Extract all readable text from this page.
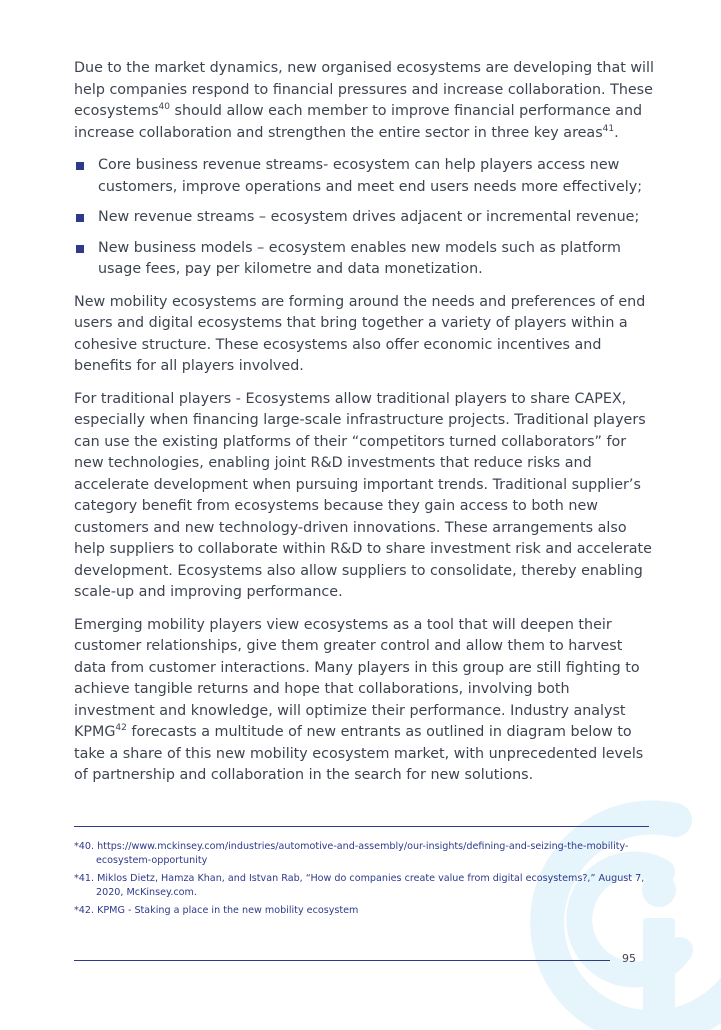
Due to the market dynamics, new organised ecosystems are developing that will help companies respond to financial pressures and increase collaboration. These ecosystems$^{40}$ should allow each member to improve financial performance and increase collaboration and strengthen the entire sector in three key areas$^{41}$.

Core business revenue streams- ecosystem can help players access new customers, improve operations and meet end users needs more effectively;
New revenue streams – ecosystem drives adjacent or incremental revenue;
New business models – ecosystem enables new models such as platform usage fees, pay per kilometre and data monetization.

New mobility ecosystems are forming around the needs and preferences of end users and digital ecosystems that bring together a variety of players within a cohesive structure. These ecosystems also offer economic incentives and benefits for all players involved.

For traditional players - Ecosystems allow traditional players to share CAPEX, especially when financing large-scale infrastructure projects. Traditional players can use the existing platforms of their “competitors turned collaborators” for new technologies, enabling joint R&D investments that reduce risks and accelerate development when pursuing important trends. Traditional supplier’s category benefit from ecosystems because they gain access to both new customers and new technology-driven innovations. These arrangements also help suppliers to collaborate within R&D to share investment risk and accelerate development. Ecosystems also allow suppliers to consolidate, thereby enabling scale-up and improving performance.

Emerging mobility players view ecosystems as a tool that will deepen their customer relationships, give them greater control and allow them to harvest data from customer interactions. Many players in this group are still fighting to achieve tangible returns and hope that collaborations, involving both investment and knowledge, will optimize their performance. Industry analyst KPMG$^{42}$ forecasts a multitude of new entrants as outlined in diagram below to take a share of this new mobility ecosystem market, with unprecedented levels of partnership and collaboration in the search for new solutions.

*40. https://www.mckinsey.com/industries/automotive-and-assembly/our-insights/defining-and-seizing-the-mobility-ecosystem-opportunity
*41. Miklos Dietz, Hamza Khan, and Istvan Rab, “How do companies create value from digital ecosystems?,” August 7, 2020, McKinsey.com.
*42. KPMG - Staking a place in the new mobility ecosystem
95
